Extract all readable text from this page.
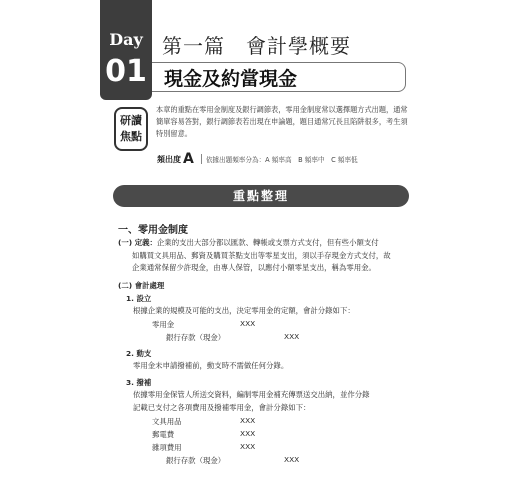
Day
01
第一篇　會計學概要
現金及約當現金
研讀
焦點
本章的重點在零用金制度及銀行調節表，零用金制度常以選擇題方式出題，通常簡單容易答對，銀行調節表若出現在申論題，題目通常冗長且陷阱很多，考生須特別留意。
頻出度 A 依據出題頻率分為：A 頻率高　B 頻率中　C 頻率低
重點整理
一、零用金制度
(一) 定義：企業的支出大部分都以匯款、轉帳或支票方式支付，但有些小額支付
如購買文具用品、郵資及購買茶點支出等零星支出，須以手存現金方式支付，故
企業通常保留少許現金，由專人保管，以應付小額零星支出，稱為零用金。
(二) 會計處理
1. 設立
根據企業的規模及可能的支出，決定零用金的定額，會計分錄如下：
零用金	XXX
銀行存款（現金）	XXX
2. 動支
零用金未申請撥補前，動支時不需做任何分錄。
3. 撥補
依據零用金保管人所送交資料，編制零用金補充傳票送交出納，並作分錄
記載已支付之各項費用及撥補零用金，會計分錄如下：
文具用品	XXX
郵電費	XXX
雜項費用	XXX
銀行存款（現金）	XXX
